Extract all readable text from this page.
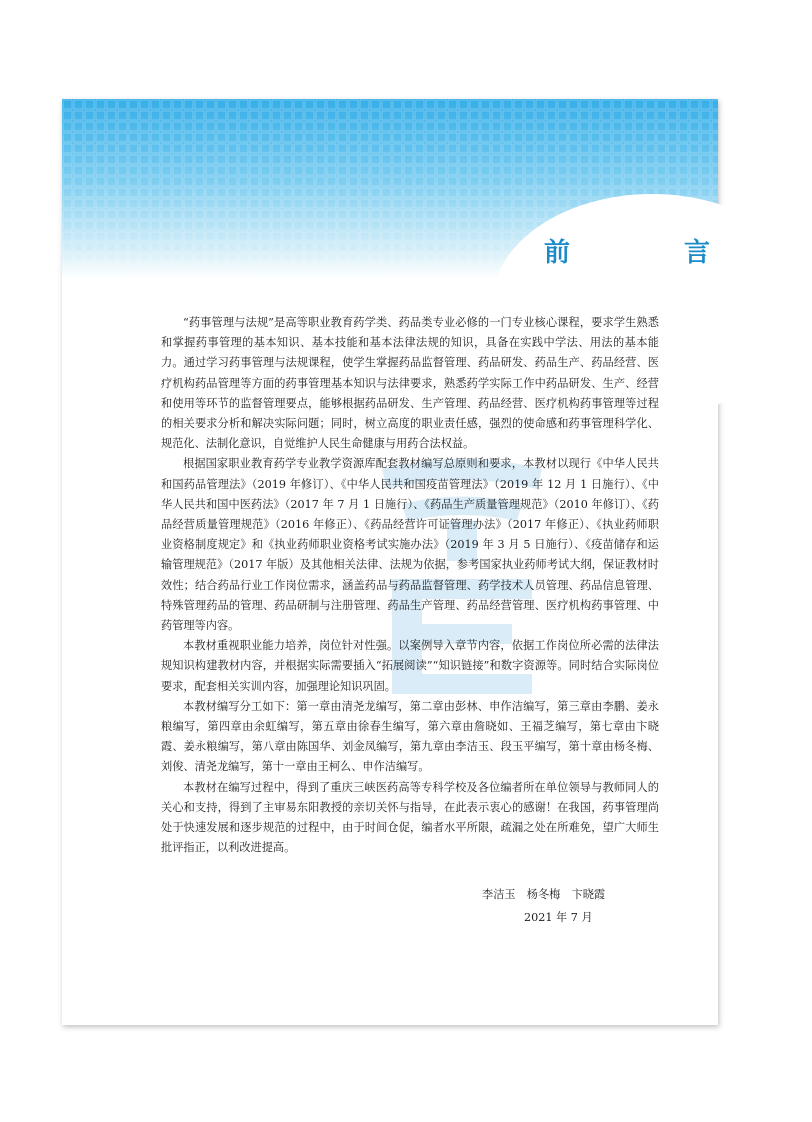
前　言

“药事管理与法规”是高等职业教育药学类、药品类专业必修的一门专业核心课程，要求学生熟悉和掌握药事管理的基本知识、基本技能和基本法律法规的知识，具备在实践中学法、用法的基本能力。通过学习药事管理与法规课程，使学生掌握药品监督管理、药品研发、药品生产、药品经营、医疗机构药品管理等方面的药事管理基本知识与法律要求，熟悉药学实际工作中药品研发、生产、经营和使用等环节的监督管理要点，能够根据药品研发、生产管理、药品经营、医疗机构药事管理等过程的相关要求分析和解决实际问题；同时，树立高度的职业责任感，强烈的使命感和药事管理科学化、规范化、法制化意识，自觉维护人民生命健康与用药合法权益。

根据国家职业教育药学专业教学资源库配套教材编写总原则和要求，本教材以现行《中华人民共和国药品管理法》（2019 年修订）、《中华人民共和国疫苗管理法》（2019 年 12 月 1 日施行）、《中华人民共和国中医药法》（2017 年 7 月 1 日施行）、《药品生产质量管理规范》（2010 年修订）、《药品经营质量管理规范》（2016 年修正）、《药品经营许可证管理办法》（2017 年修正）、《执业药师职业资格制度规定》和《执业药师职业资格考试实施办法》（2019 年 3 月 5 日施行）、《疫苗储存和运输管理规范》（2017 年版）及其他相关法律、法规为依据，参考国家执业药师考试大纲，保证教材时效性；结合药品行业工作岗位需求，涵盖药品与药品监督管理、药学技术人员管理、药品信息管理、特殊管理药品的管理、药品研制与注册管理、药品生产管理、药品经营管理、医疗机构药事管理、中药管理等内容。

本教材重视职业能力培养，岗位针对性强。以案例导入章节内容，依据工作岗位所必需的法律法规知识构建教材内容，并根据实际需要插入“拓展阅读”“知识链接”和数字资源等。同时结合实际岗位要求，配套相关实训内容，加强理论知识巩固。

本教材编写分工如下：第一章由清尧龙编写，第二章由彭林、申作洁编写，第三章由李鹏、姜永粮编写，第四章由余虹编写，第五章由徐春生编写，第六章由詹晓如、王福芝编写，第七章由卞晓霞、姜永粮编写，第八章由陈国华、刘金凤编写，第九章由李洁玉、段玉平编写，第十章由杨冬梅、刘俊、清尧龙编写，第十一章由王柯么、申作洁编写。

本教材在编写过程中，得到了重庆三峡医药高等专科学校及各位编者所在单位领导与教师同人的关心和支持，得到了主审易东阳教授的亲切关怀与指导，在此表示衷心的感谢！在我国，药事管理尚处于快速发展和逐步规范的过程中，由于时间仓促，编者水平所限，疏漏之处在所难免，望广大师生批评指正，以利改进提高。

李洁玉　杨冬梅　卞晓霞
2021 年 7 月
